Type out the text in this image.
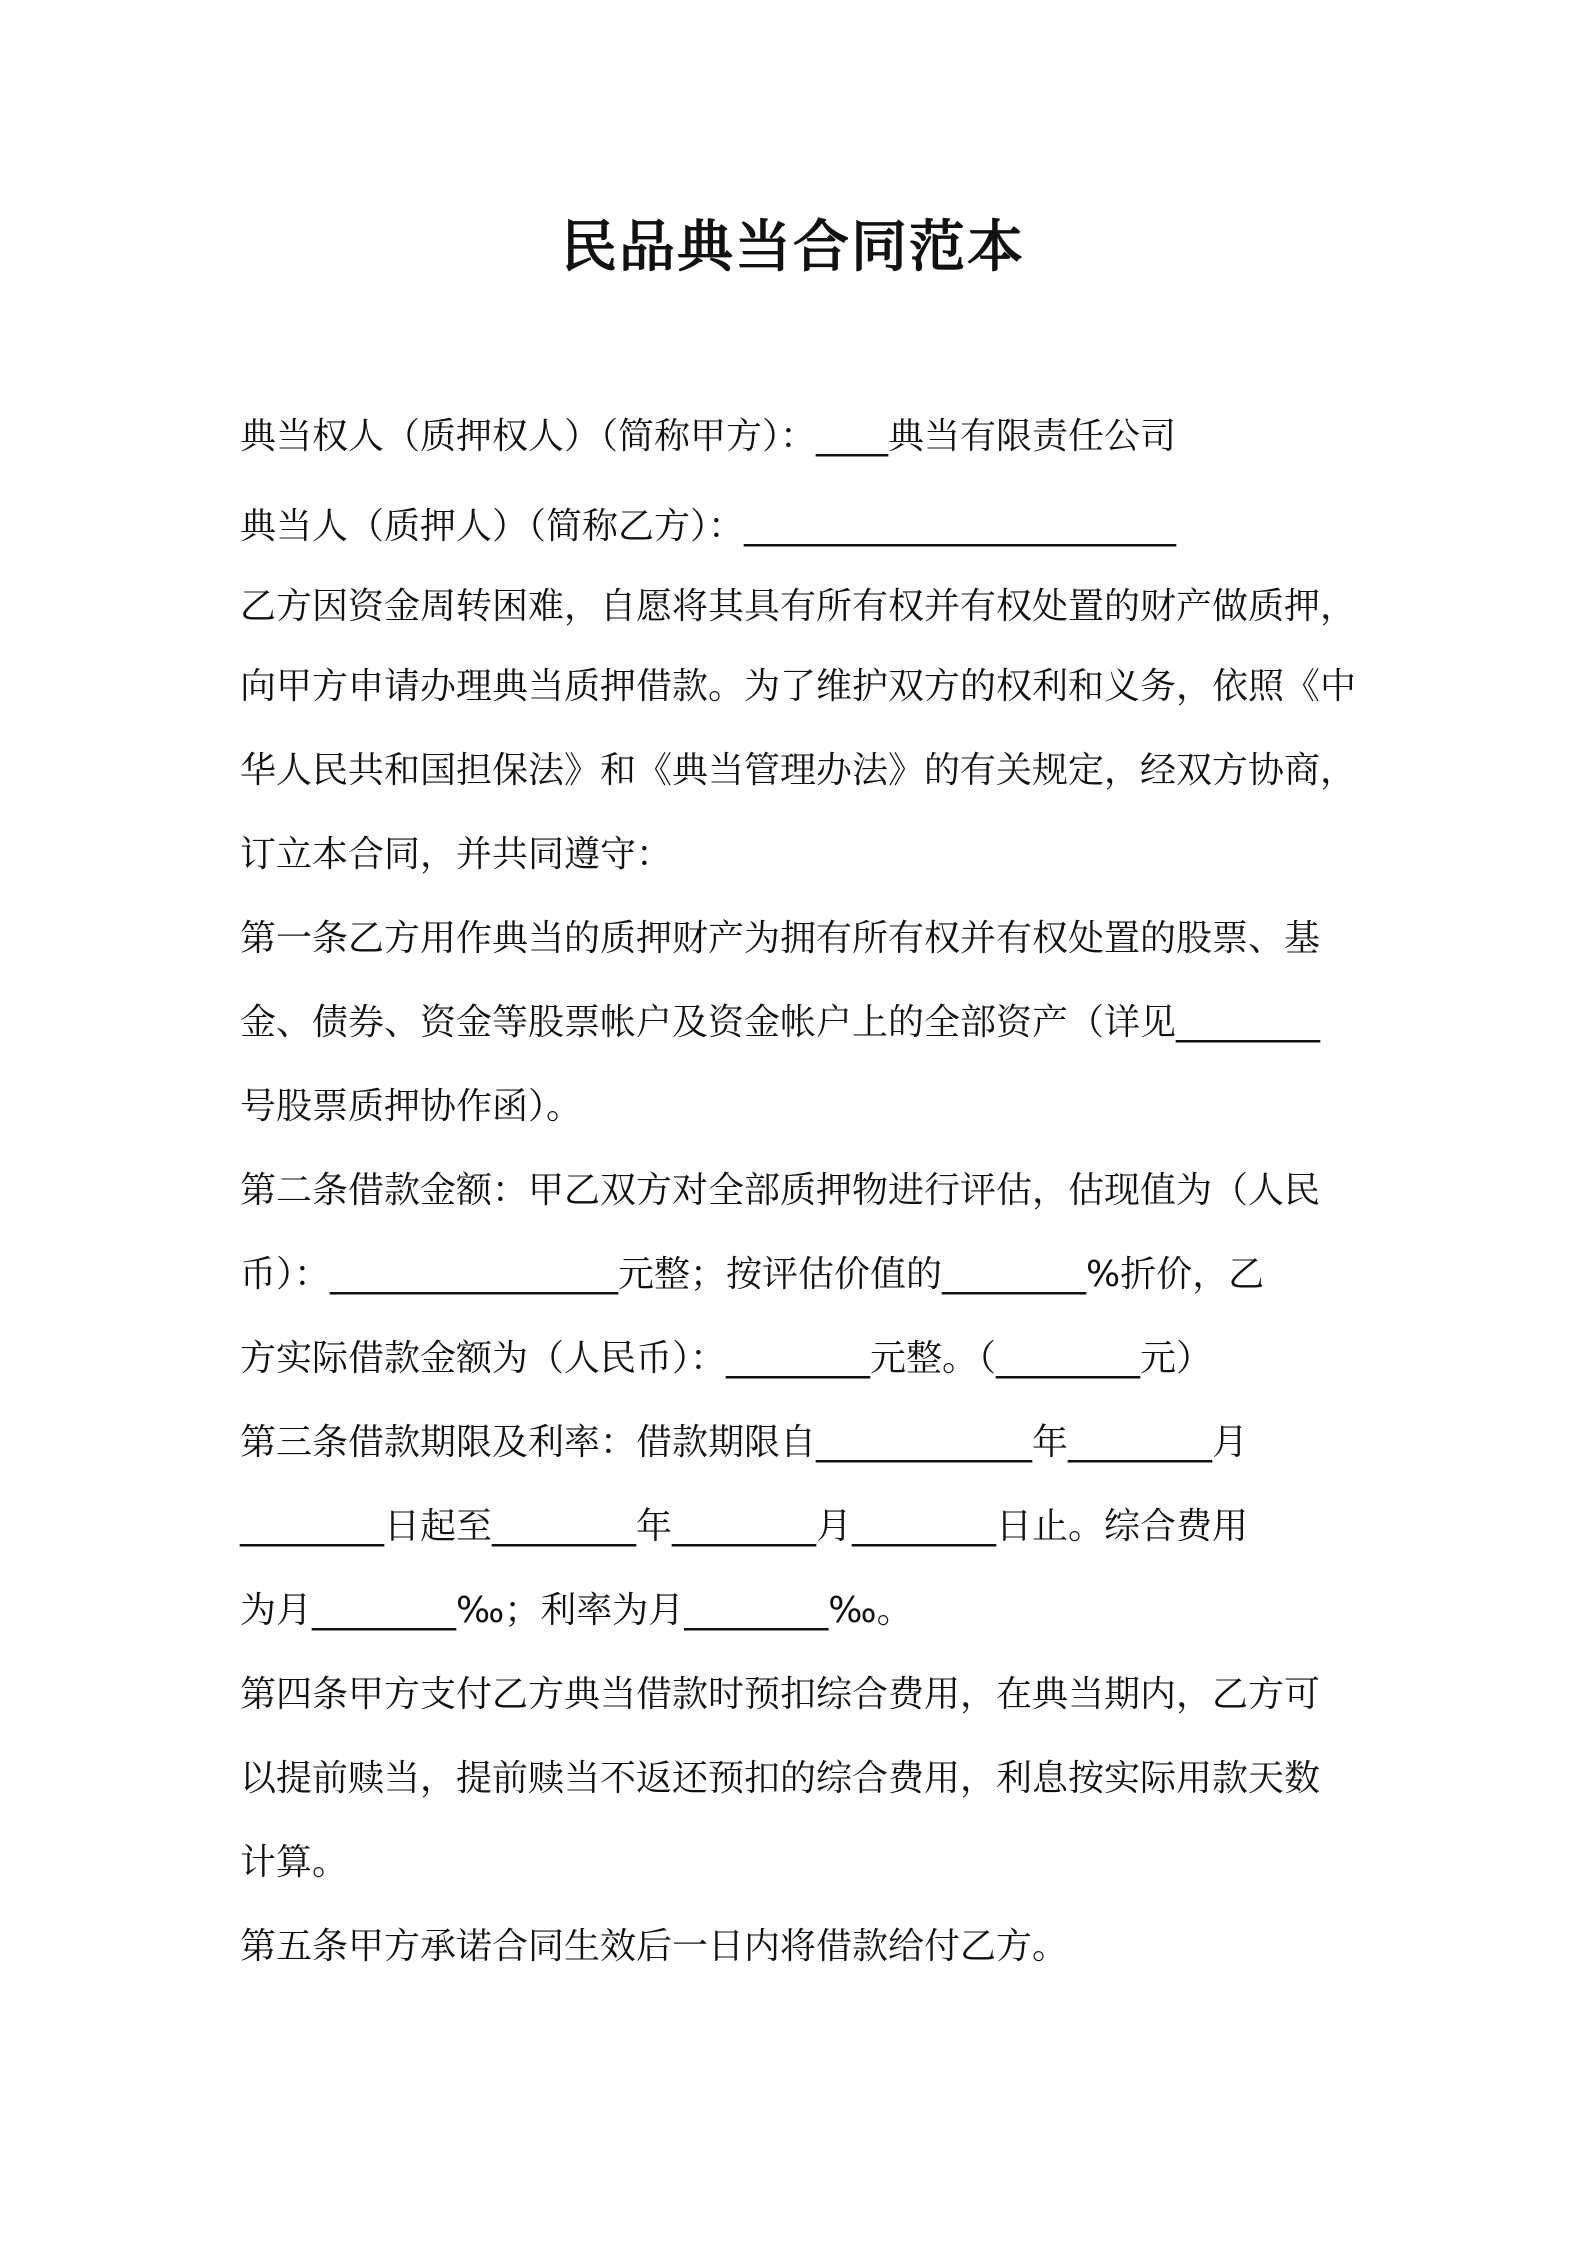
民品典当合同范本
典当权人（质押权人）（简称甲方）：____典当有限责任公司
典当人（质押人）（简称乙方）：________________________
乙方因资金周转困难，自愿将其具有所有权并有权处置的财产做质押，
向甲方申请办理典当质押借款。为了维护双方的权利和义务，依照《中
华人民共和国担保法》和《典当管理办法》的有关规定，经双方协商，
订立本合同，并共同遵守：
第一条乙方用作典当的质押财产为拥有所有权并有权处置的股票、基
金、债券、资金等股票帐户及资金帐户上的全部资产（详见________
号股票质押协作函）。
第二条借款金额：甲乙双方对全部质押物进行评估，估现值为（人民
币）：________________元整；按评估价值的________%折价，乙
方实际借款金额为（人民币）：________元整。（________元）
第三条借款期限及利率：借款期限自____________年________月
________日起至________年________月________日止。综合费用
为月________‰；利率为月________‰。
第四条甲方支付乙方典当借款时预扣综合费用，在典当期内，乙方可
以提前赎当，提前赎当不返还预扣的综合费用，利息按实际用款天数
计算。
第五条甲方承诺合同生效后一日内将借款给付乙方。
